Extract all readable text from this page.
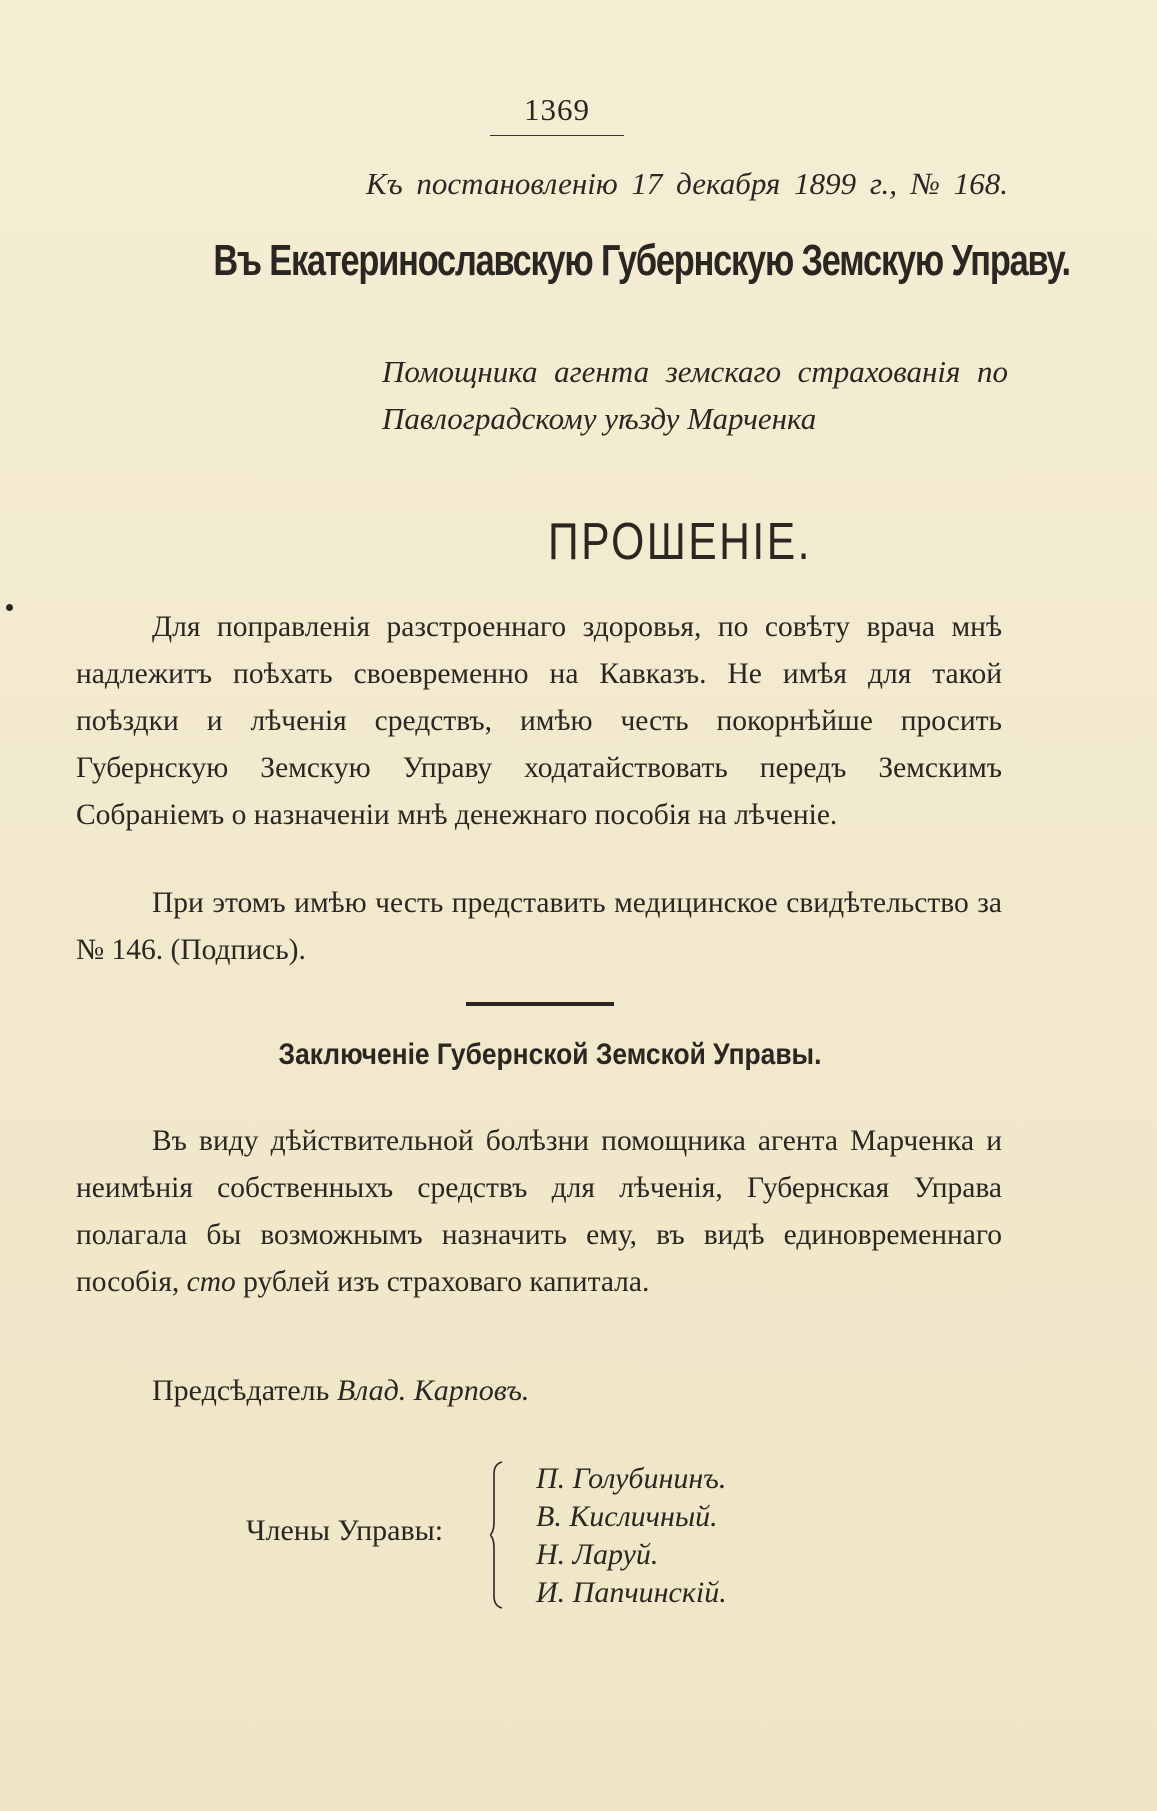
1369
Къ постановленію 17 декабря 1899 г., № 168.
Въ Екатеринославскую Губернскую Земскую Управу.
Помощника агента земскаго страхованія по Павлоградскому уѣзду Марченка
ПРОШЕНІЕ.
Для поправленія разстроеннаго здоровья, по совѣту врача мнѣ надлежитъ поѣхать своевременно на Кавказъ. Не имѣя для такой поѣздки и лѣченія средствъ, имѣю честь покорнѣйше просить Губернскую Земскую Управу ходатайствовать передъ Земскимъ Собраніемъ о назначеніи мнѣ денежнаго пособія на лѣченіе.
При этомъ имѣю честь представить медицинское свидѣтельство за № 146. (Подпись).
Заключеніе Губернской Земской Управы.
Въ виду дѣйствительной болѣзни помощника агента Марченка и неимѣнія собственныхъ средствъ для лѣченія, Губернская Управа полагала бы возможнымъ назначить ему, въ видѣ единовременнаго пособія, сто рублей изъ страховаго капитала.
Предсѣдатель Влад. Карповъ.
Члены Управы:
П. Голубининъ.
В. Кисличный.
Н. Ларуй.
И. Папчинскій.
